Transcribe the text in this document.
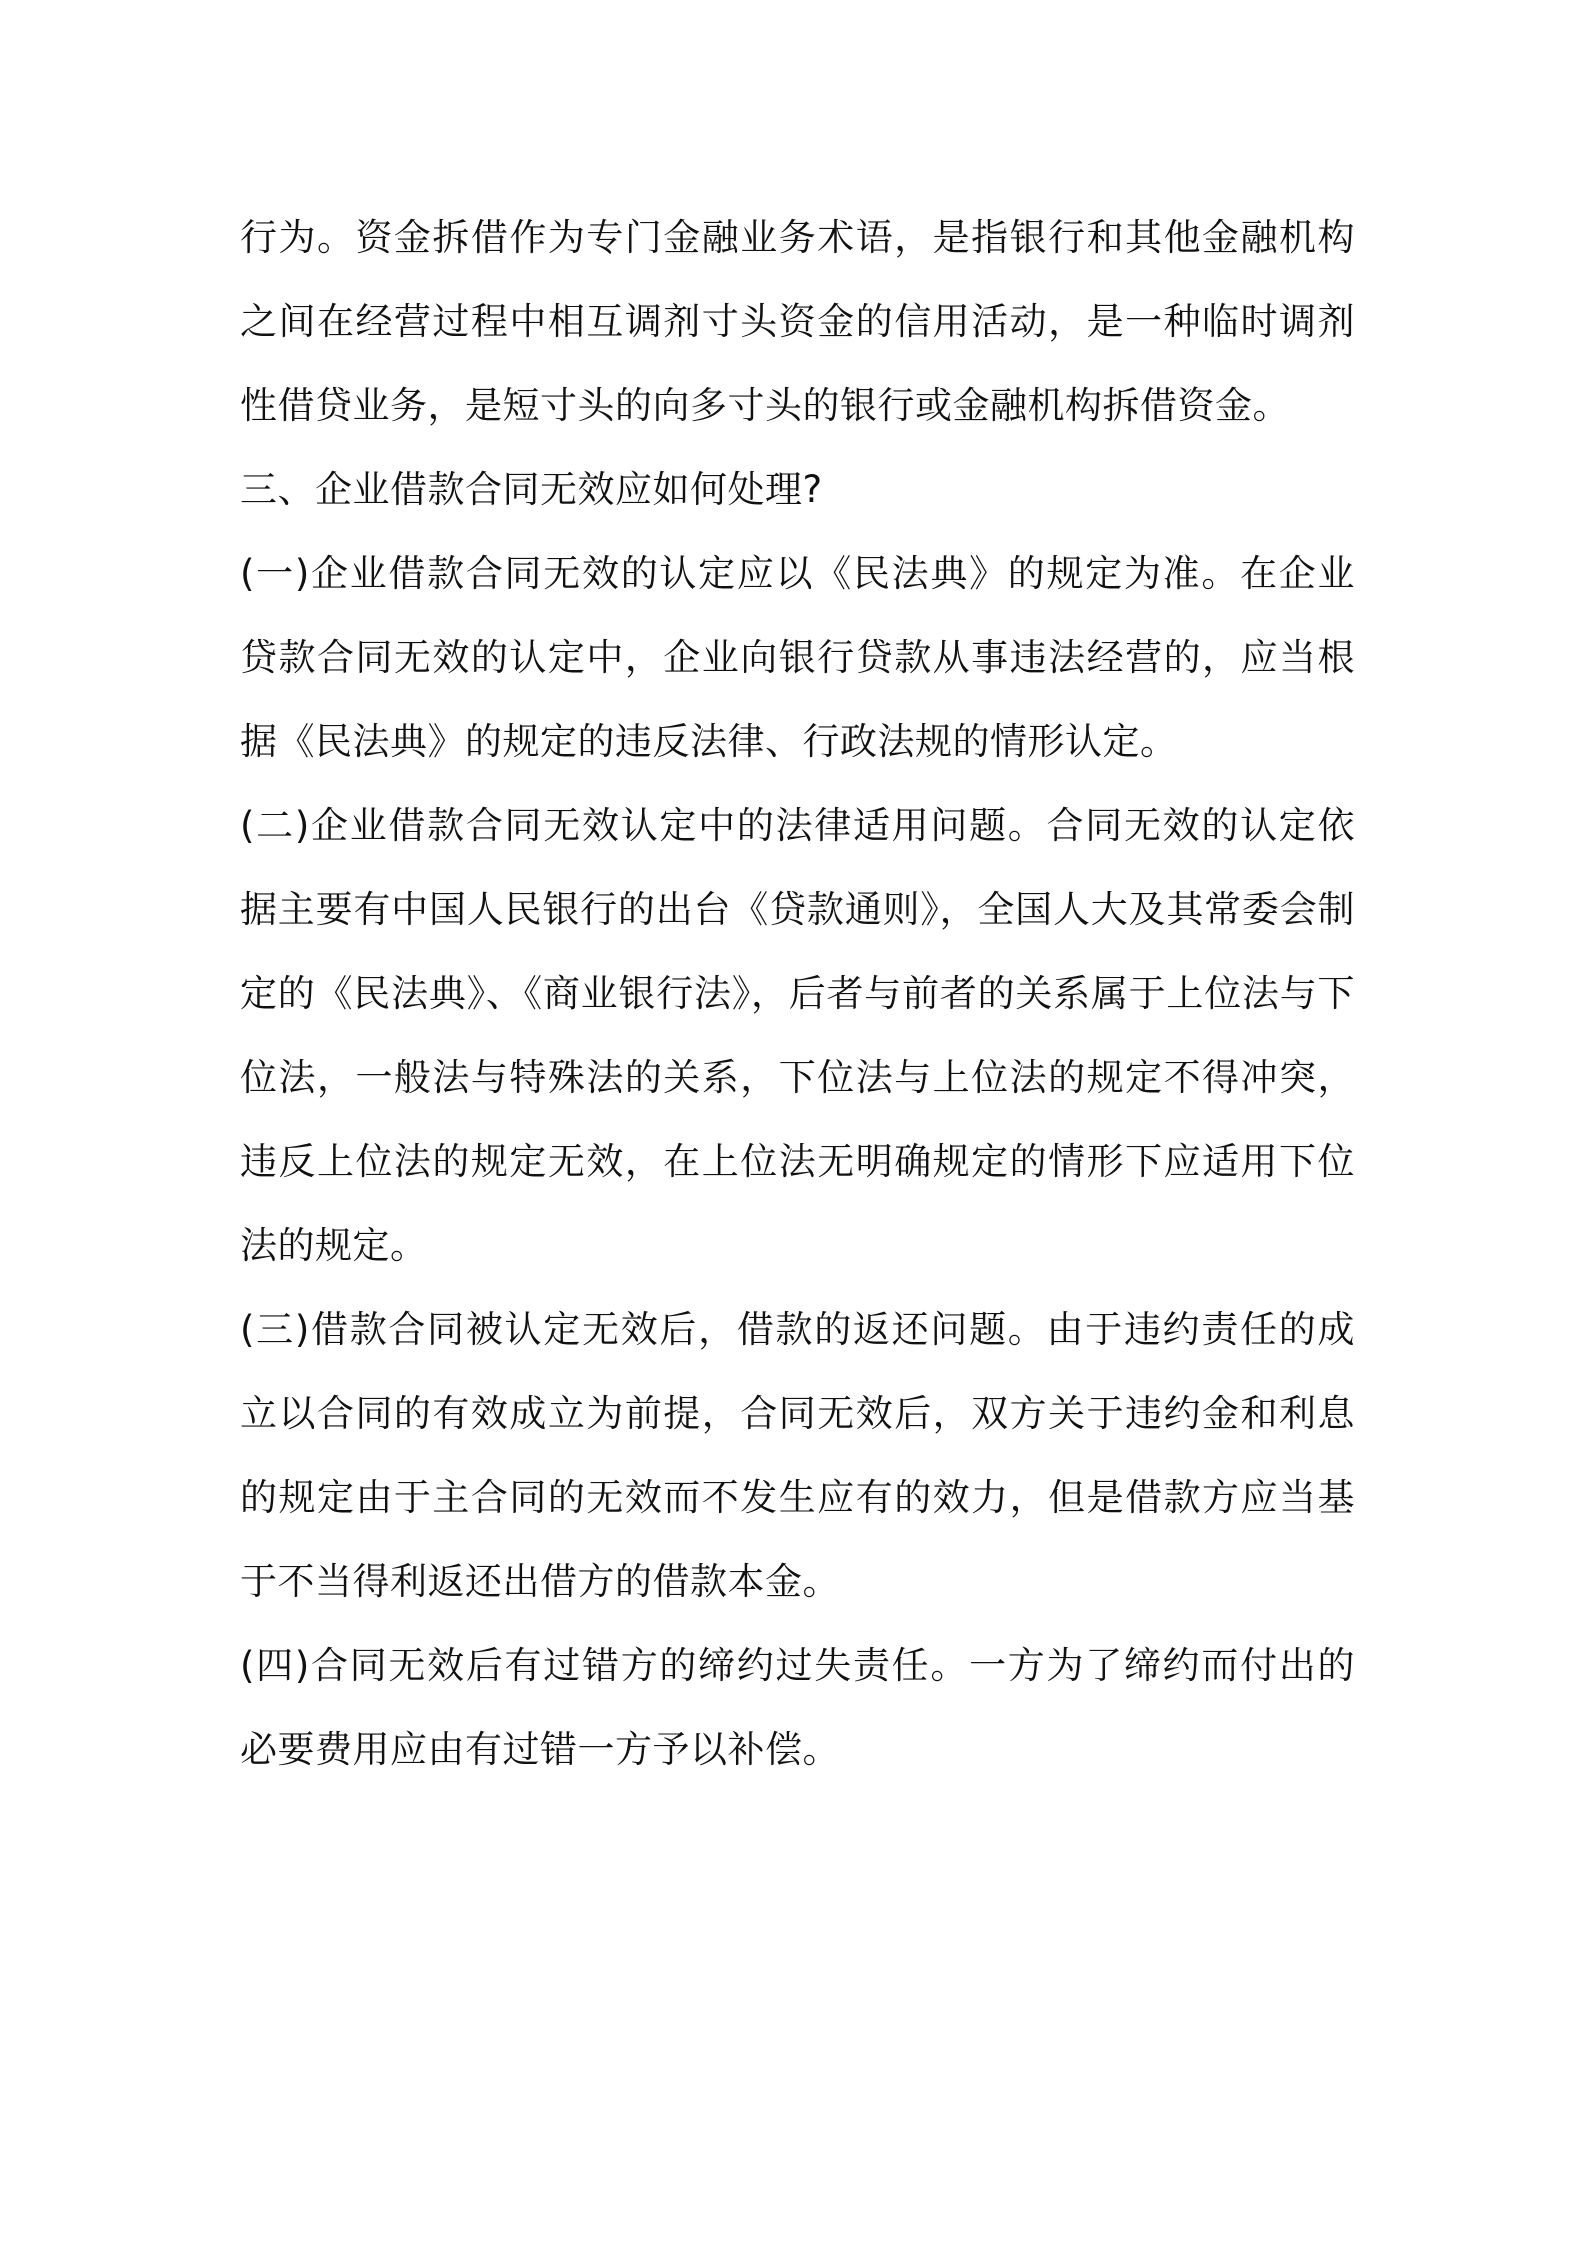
行为。资金拆借作为专门金融业务术语，是指银行和其他金融机构之间在经营过程中相互调剂寸头资金的信用活动，是一种临时调剂性借贷业务，是短寸头的向多寸头的银行或金融机构拆借资金。

三、企业借款合同无效应如何处理?

(一)企业借款合同无效的认定应以《民法典》的规定为准。在企业贷款合同无效的认定中，企业向银行贷款从事违法经营的，应当根据《民法典》的规定的违反法律、行政法规的情形认定。

(二)企业借款合同无效认定中的法律适用问题。合同无效的认定依据主要有中国人民银行的出台《贷款通则》，全国人大及其常委会制定的《民法典》、《商业银行法》，后者与前者的关系属于上位法与下位法，一般法与特殊法的关系，下位法与上位法的规定不得冲突，违反上位法的规定无效，在上位法无明确规定的情形下应适用下位法的规定。

(三)借款合同被认定无效后，借款的返还问题。由于违约责任的成立以合同的有效成立为前提，合同无效后，双方关于违约金和利息的规定由于主合同的无效而不发生应有的效力，但是借款方应当基于不当得利返还出借方的借款本金。

(四)合同无效后有过错方的缔约过失责任。一方为了缔约而付出的必要费用应由有过错一方予以补偿。
